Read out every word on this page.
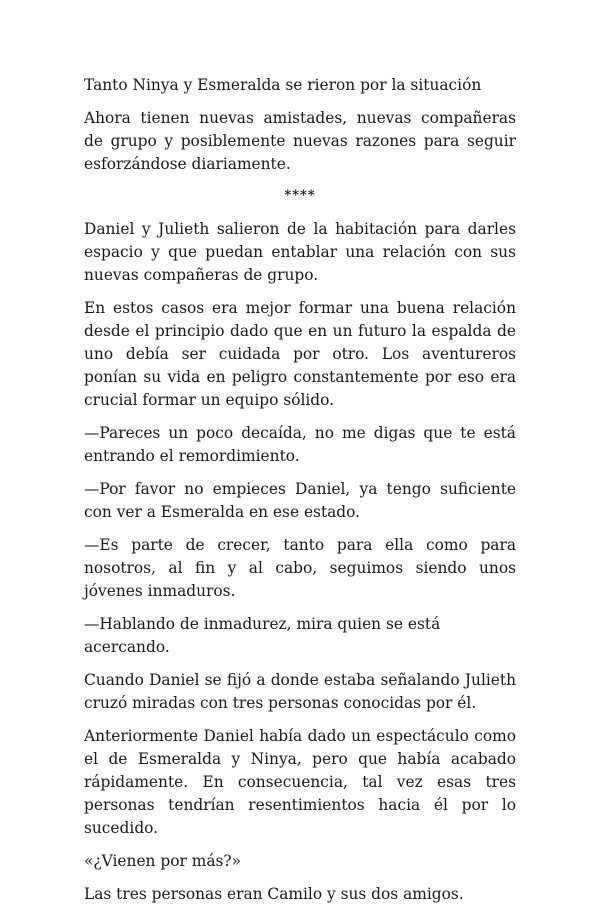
Tanto Ninya y Esmeralda se rieron por la situación

Ahora tienen nuevas amistades, nuevas compañeras de grupo y posiblemente nuevas razones para seguir esforzándose diariamente.

****

Daniel y Julieth salieron de la habitación para darles espacio y que puedan entablar una relación con sus nuevas compañeras de grupo.

En estos casos era mejor formar una buena relación desde el principio dado que en un futuro la espalda de uno debía ser cuidada por otro. Los aventureros ponían su vida en peligro constantemente por eso era crucial formar un equipo sólido.

—Pareces un poco decaída, no me digas que te está entrando el remordimiento.

—Por favor no empieces Daniel, ya tengo suficiente con ver a Esmeralda en ese estado.

—Es parte de crecer, tanto para ella como para nosotros, al fin y al cabo, seguimos siendo unos jóvenes inmaduros.

—Hablando de inmadurez, mira quien se está acercando.

Cuando Daniel se fijó a donde estaba señalando Julieth cruzó miradas con tres personas conocidas por él.

Anteriormente Daniel había dado un espectáculo como el de Esmeralda y Ninya, pero que había acabado rápidamente. En consecuencia, tal vez esas tres personas tendrían resentimientos hacia él por lo sucedido.

«¿Vienen por más?»

Las tres personas eran Camilo y sus dos amigos.
